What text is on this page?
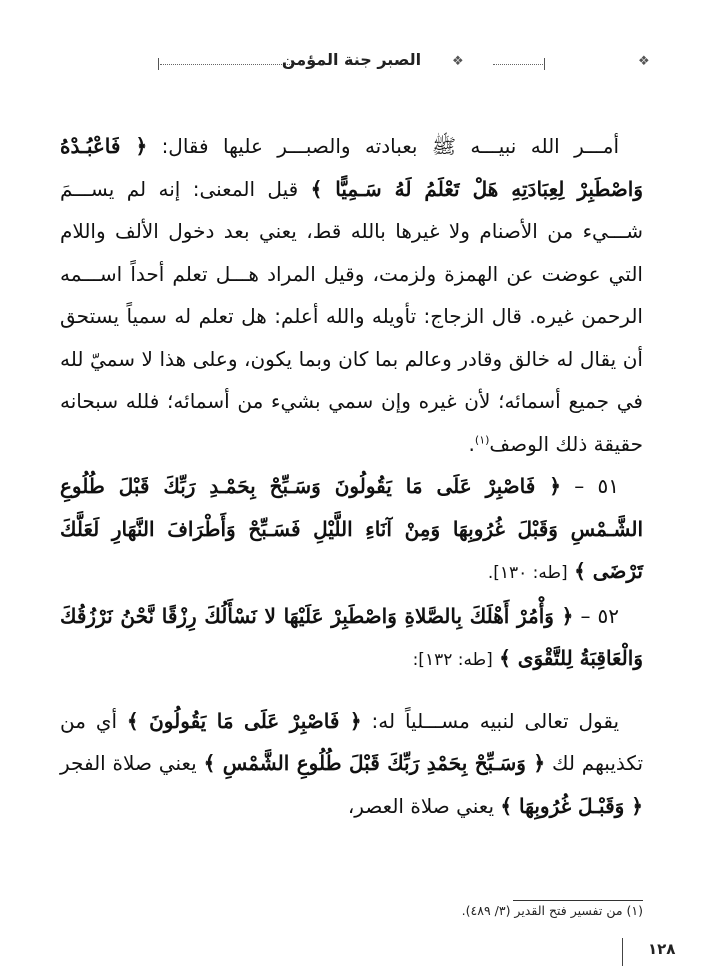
❖
الصبر جنة المؤمن	❖

أمـــر الله نبيـــه ﷺ بعبادته والصبـــر عليها فقال: ﴿ فَاعْبُـدْهُ وَاصْطَبِرْ لِعِبَادَتِهِ هَلْ تَعْلَمُ لَهُ سَـمِيًّا ﴾ قيل المعنى: إنه لم يســـمَ شـــيء من الأصنام ولا غيرها بالله قط، يعني بعد دخول الألف واللام التي عوضت عن الهمزة ولزمت، وقيل المراد هـــل تعلم أحداً اســـمه الرحمن غيره. قال الزجاج: تأويله والله أعلم: هل تعلم له سمياً يستحق أن يقال له خالق وقادر وعالم بما كان وبما يكون، وعلى هذا لا سميّ لله في جميع أسمائه؛ لأن غيره وإن سمي بشيء من أسمائه؛ فلله سبحانه حقيقة ذلك الوصف$^{(١)}$.

٥١ – ﴿ فَاصْبِرْ عَلَى مَا يَقُولُونَ وَسَـبِّحْ بِحَمْـدِ رَبِّكَ قَبْلَ طُلُوعِ الشَّـمْسِ وَقَبْلَ غُرُوبِهَا وَمِنْ آنَاءِ اللَّيْلِ فَسَـبِّحْ وَأَطْرَافَ النَّهَارِ لَعَلَّكَ تَرْضَى ﴾ [طه: ١٣٠].

٥٢ – ﴿ وَأْمُرْ أَهْلَكَ بِالصَّلاةِ وَاصْطَبِرْ عَلَيْهَا لا نَسْأَلُكَ رِزْقًا نَّحْنُ نَرْزُقُكَ وَالْعَاقِبَةُ لِلتَّقْوَى ﴾ [طه: ١٣٢]:

يقول تعالى لنبيه مســـلياً له: ﴿ فَاصْبِرْ عَلَى مَا يَقُولُونَ ﴾ أي من تكذيبهم لك ﴿ وَسَـبِّحْ بِحَمْدِ رَبِّكَ قَبْلَ طُلُوعِ الشَّمْسِ ﴾ يعني صلاة الفجر ﴿ وَقَبْـلَ غُرُوبِهَا ﴾ يعني صلاة العصر،

(١) من تفسير فتح القدير (٣/ ٤٨٩).
١٢٨
